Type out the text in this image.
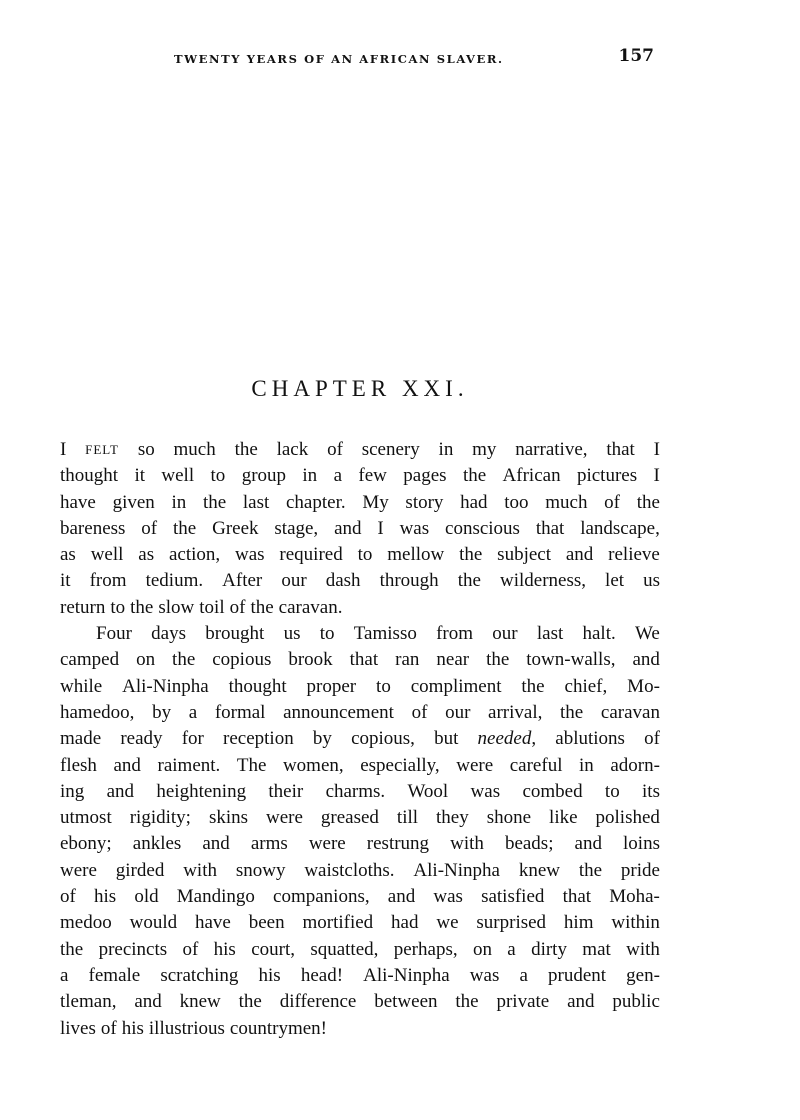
TWENTY YEARS OF AN AFRICAN SLAVER.	157
CHAPTER XXI.
I FELT so much the lack of scenery in my narrative, that I
thought it well to group in a few pages the African pictures I
have given in the last chapter. My story had too much of the
bareness of the Greek stage, and I was conscious that landscape,
as well as action, was required to mellow the subject and relieve
it from tedium. After our dash through the wilderness, let us
return to the slow toil of the caravan.
Four days brought us to Tamisso from our last halt. We
camped on the copious brook that ran near the town-walls, and
while Ali-Ninpha thought proper to compliment the chief, Mo-
hamedoo, by a formal announcement of our arrival, the caravan
made ready for reception by copious, but needed, ablutions of
flesh and raiment. The women, especially, were careful in adorn-
ing and heightening their charms. Wool was combed to its
utmost rigidity; skins were greased till they shone like polished
ebony; ankles and arms were restrung with beads; and loins
were girded with snowy waistcloths. Ali-Ninpha knew the pride
of his old Mandingo companions, and was satisfied that Moha-
medoo would have been mortified had we surprised him within
the precincts of his court, squatted, perhaps, on a dirty mat with
a female scratching his head! Ali-Ninpha was a prudent gen-
tleman, and knew the difference between the private and public
lives of his illustrious countrymen!
